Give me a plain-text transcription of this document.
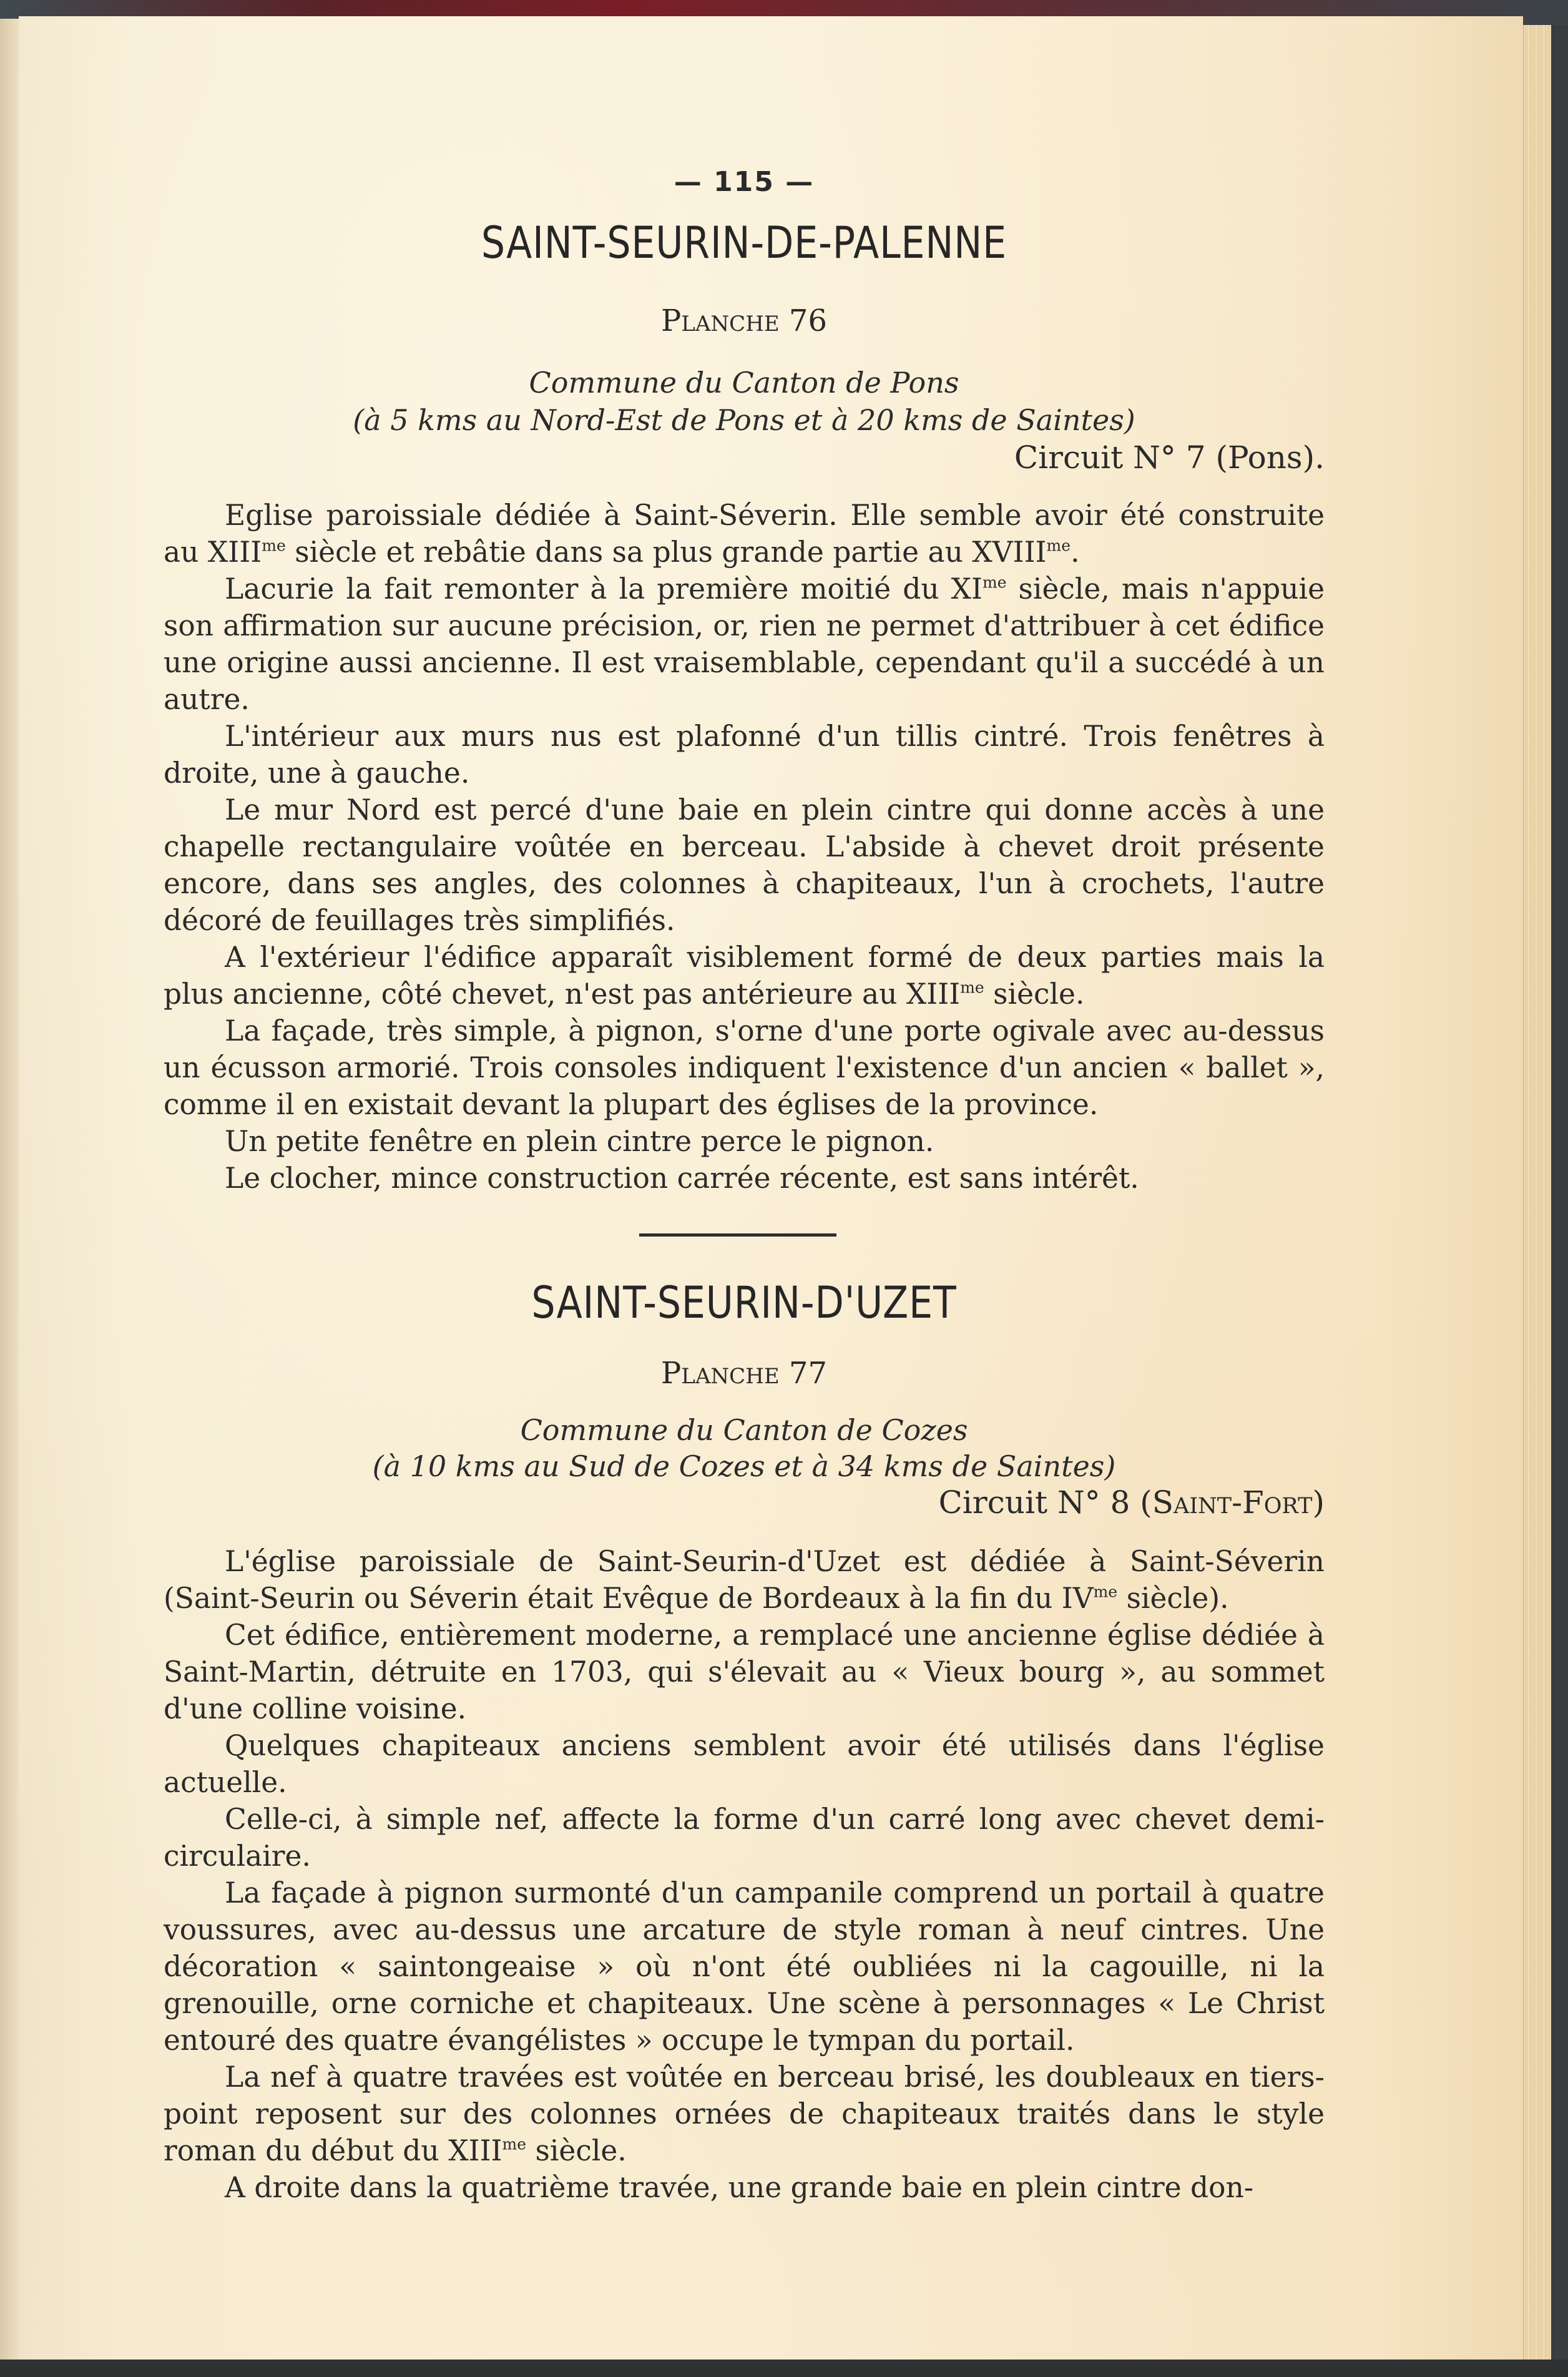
— 115 —
SAINT-SEURIN-DE-PALENNE
Planche 76
Commune du Canton de Pons
(à 5 kms au Nord-Est de Pons et à 20 kms de Saintes)
Circuit N° 7 (Pons).

Eglise paroissiale dédiée à Saint-Séverin. Elle semble avoir été construite au $XIII^{me}$ siècle et rebâtie dans sa plus grande partie au $XVIII^{me}$.

Lacurie la fait remonter à la première moitié du $XI^{me}$ siècle, mais n'appuie son affirmation sur aucune précision, or, rien ne permet d'attribuer à cet édifice une origine aussi ancienne. Il est vraisemblable, cependant qu'il a succédé à un autre.

L'intérieur aux murs nus est plafonné d'un tillis cintré. Trois fenêtres à droite, une à gauche.

Le mur Nord est percé d'une baie en plein cintre qui donne accès à une chapelle rectangulaire voûtée en berceau. L'abside à chevet droit présente encore, dans ses angles, des colonnes à chapiteaux, l'un à crochets, l'autre décoré de feuillages très simplifiés.

A l'extérieur l'édifice apparaît visiblement formé de deux parties mais la plus ancienne, côté chevet, n'est pas antérieure au $XIII^{me}$ siècle.

La façade, très simple, à pignon, s'orne d'une porte ogivale avec au-dessus un écusson armorié. Trois consoles indiquent l'existence d'un ancien « ballet », comme il en existait devant la plupart des églises de la province.

Un petite fenêtre en plein cintre perce le pignon.

Le clocher, mince construction carrée récente, est sans intérêt.

SAINT-SEURIN-D'UZET
Planche 77
Commune du Canton de Cozes
(à 10 kms au Sud de Cozes et à 34 kms de Saintes)
Circuit N° 8 (Saint-Fort)

L'église paroissiale de Saint-Seurin-d'Uzet est dédiée à Saint-Séverin (Saint-Seurin ou Séverin était Evêque de Bordeaux à la fin du $IV^{me}$ siècle).

Cet édifice, entièrement moderne, a remplacé une ancienne église dédiée à Saint-Martin, détruite en 1703, qui s'élevait au « Vieux bourg », au sommet d'une colline voisine.

Quelques chapiteaux anciens semblent avoir été utilisés dans l'église actuelle.

Celle-ci, à simple nef, affecte la forme d'un carré long avec chevet demi-circulaire.

La façade à pignon surmonté d'un campanile comprend un portail à quatre voussures, avec au-dessus une arcature de style roman à neuf cintres. Une décoration « saintongeaise » où n'ont été oubliées ni la cagouille, ni la grenouille, orne corniche et chapiteaux. Une scène à personnages « Le Christ entouré des quatre évangélistes » occupe le tympan du portail.

La nef à quatre travées est voûtée en berceau brisé, les doubleaux en tiers-point reposent sur des colonnes ornées de chapiteaux traités dans le style roman du début du $XIII^{me}$ siècle.

A droite dans la quatrième travée, une grande baie en plein cintre don-
